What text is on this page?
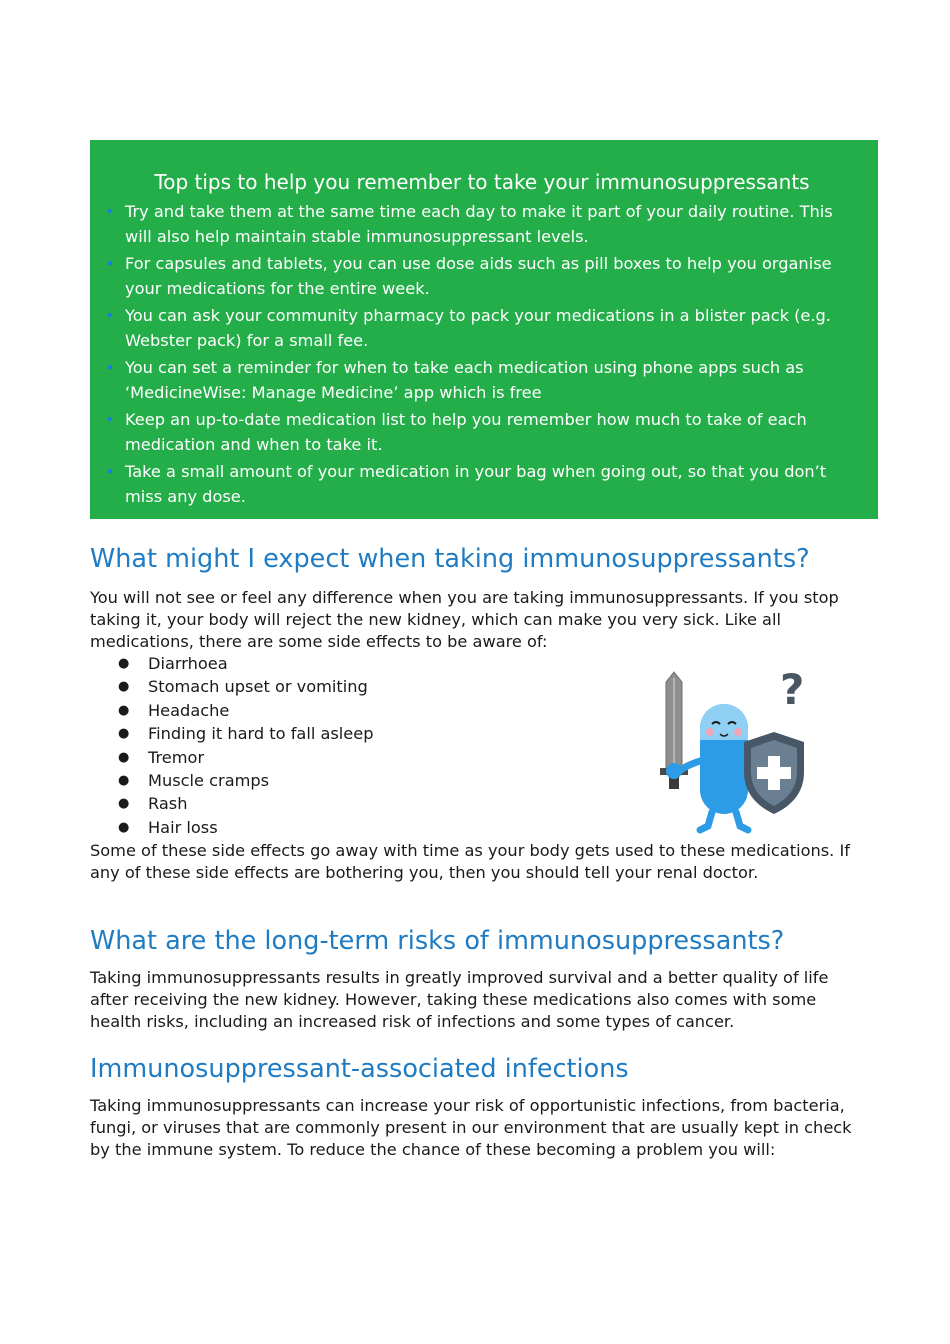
Top tips to help you remember to take your immunosuppressants
• Try and take them at the same time each day to make it part of your daily routine. This will also help maintain stable immunosuppressant levels.
• For capsules and tablets, you can use dose aids such as pill boxes to help you organise your medications for the entire week.
• You can ask your community pharmacy to pack your medications in a blister pack (e.g. Webster pack) for a small fee.
• You can set a reminder for when to take each medication using phone apps such as ‘MedicineWise: Manage Medicine’ app which is free
• Keep an up-to-date medication list to help you remember how much to take of each medication and when to take it.
• Take a small amount of your medication in your bag when going out, so that you don’t miss any dose.
What might I expect when taking immunosuppressants?

You will not see or feel any difference when you are taking immunosuppressants. If you stop taking it, your body will reject the new kidney, which can make you very sick. Like all medications, there are some side effects to be aware of:

● Diarrhoea
● Stomach upset or vomiting
● Headache
● Finding it hard to fall asleep
● Tremor
● Muscle cramps
● Rash
● Hair loss
?

Some of these side effects go away with time as your body gets used to these medications. If any of these side effects are bothering you, then you should tell your renal doctor.

What are the long-term risks of immunosuppressants?

Taking immunosuppressants results in greatly improved survival and a better quality of life after receiving the new kidney. However, taking these medications also comes with some health risks, including an increased risk of infections and some types of cancer.

Immunosuppressant-associated infections

Taking immunosuppressants can increase your risk of opportunistic infections, from bacteria, fungi, or viruses that are commonly present in our environment that are usually kept in check by the immune system. To reduce the chance of these becoming a problem you will:
